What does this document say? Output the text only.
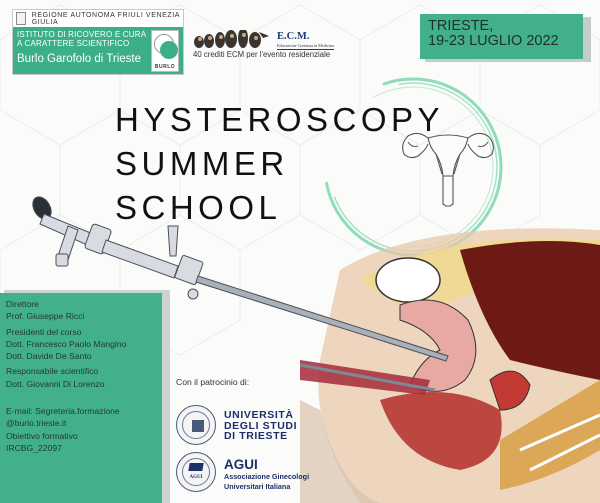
REGIONE AUTONOMA FRIULI VENEZIA GIULIA
ISTITUTO DI RICOVERO E CURA
A CARATTERE SCIENTIFICO
Burlo Garofolo di Trieste
BURLO
E.C.M.
Educazione Continua in Medicina
40 crediti ECM per l'evento residenziale
TRIESTE,
19-23 LUGLIO 2022
HYSTEROSCOPY
SUMMER
SCHOOL
Direttore
Prof. Giuseppe Ricci
Presidenti del corso
Dott. Francesco Paolo Mangino
Dott. Davide De Santo
Responsabile scientifico
Dott. Giovanni Di Lorenzo
E-mail: Segreteria.formazione
@burlo.trieste.it
Obiettivo formativo
IRCBG_22097
Con il patrocinio di:
UNIVERSITÀ
DEGLI STUDI
DI TRIESTE
AGUI
AGUI
Associazione Ginecologi
Universitari Italiana
